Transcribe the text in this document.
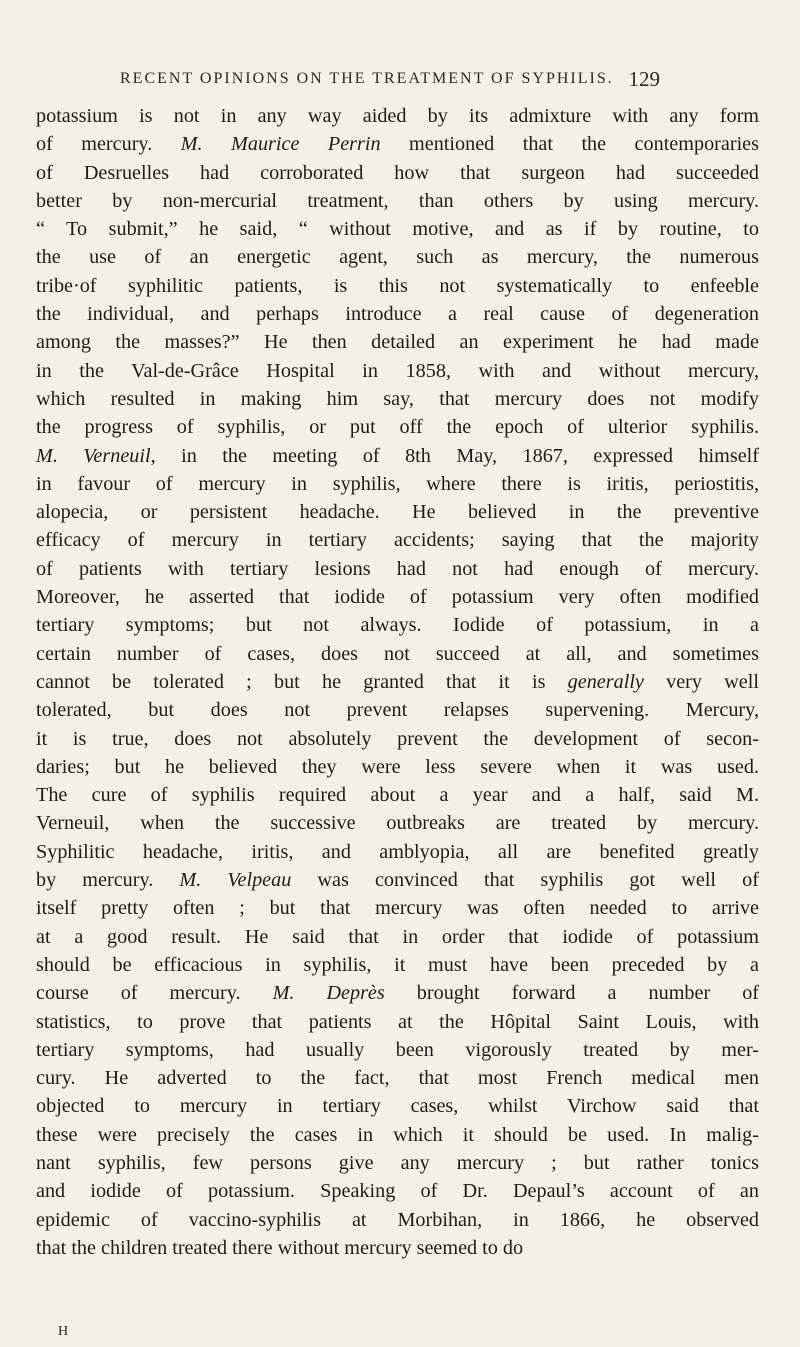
RECENT OPINIONS ON THE TREATMENT OF SYPHILIS. 129
potassium is not in any way aided by its admixture with any form
of mercury. M. Maurice Perrin mentioned that the contemporaries
of Desruelles had corroborated how that surgeon had succeeded
better by non-mercurial treatment, than others by using mercury.
“ To submit,” he said, “ without motive, and as if by routine, to
the use of an energetic agent, such as mercury, the numerous
tribe·of syphilitic patients, is this not systematically to enfeeble
the individual, and perhaps introduce a real cause of degeneration
among the masses?” He then detailed an experiment he had made
in the Val-de-Grâce Hospital in 1858, with and without mercury,
which resulted in making him say, that mercury does not modify
the progress of syphilis, or put off the epoch of ulterior syphilis.
M. Verneuil, in the meeting of 8th May, 1867, expressed himself
in favour of mercury in syphilis, where there is iritis, periostitis,
alopecia, or persistent headache. He believed in the preventive
efficacy of mercury in tertiary accidents; saying that the majority
of patients with tertiary lesions had not had enough of mercury.
Moreover, he asserted that iodide of potassium very often modified
tertiary symptoms; but not always. Iodide of potassium, in a
certain number of cases, does not succeed at all, and sometimes
cannot be tolerated ; but he granted that it is generally very well
tolerated, but does not prevent relapses supervening. Mercury,
it is true, does not absolutely prevent the development of secon-
daries; but he believed they were less severe when it was used.
The cure of syphilis required about a year and a half, said M.
Verneuil, when the successive outbreaks are treated by mercury.
Syphilitic headache, iritis, and amblyopia, all are benefited greatly
by mercury. M. Velpeau was convinced that syphilis got well of
itself pretty often ; but that mercury was often needed to arrive
at a good result. He said that in order that iodide of potassium
should be efficacious in syphilis, it must have been preceded by a
course of mercury. M. Deprès brought forward a number of
statistics, to prove that patients at the Hôpital Saint Louis, with
tertiary symptoms, had usually been vigorously treated by mer-
cury. He adverted to the fact, that most French medical men
objected to mercury in tertiary cases, whilst Virchow said that
these were precisely the cases in which it should be used. In malig-
nant syphilis, few persons give any mercury ; but rather tonics
and iodide of potassium. Speaking of Dr. Depaul’s account of an
epidemic of vaccino-syphilis at Morbihan, in 1866, he observed
that the children treated there without mercury seemed to do
H
